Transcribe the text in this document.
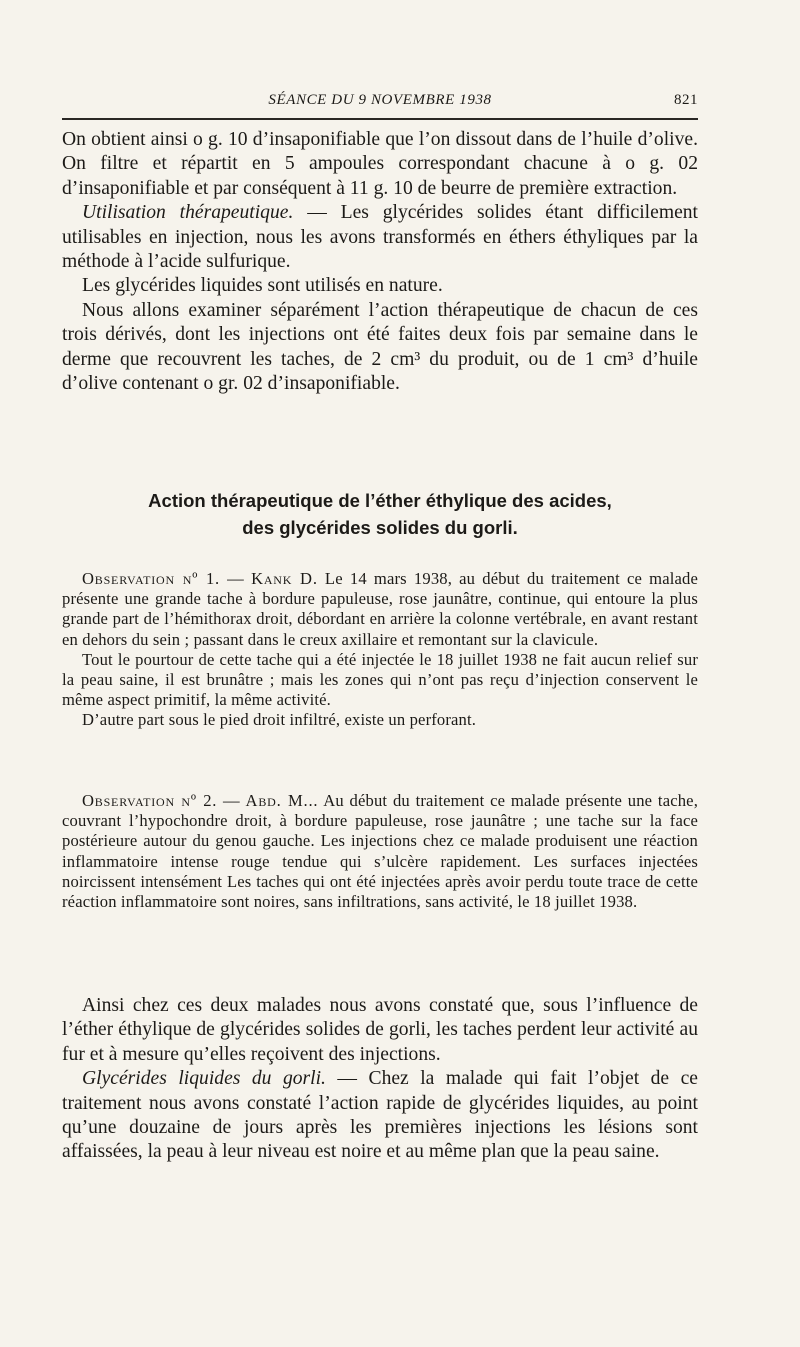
SÉANCE DU 9 NOVEMBRE 1938	821

On obtient ainsi o g. 10 d’insaponifiable que l’on dissout dans de l’huile d’olive. On filtre et répartit en 5 ampoules correspondant chacune à o g. 02 d’insaponifiable et par conséquent à 11 g. 10 de beurre de première extraction.

Utilisation thérapeutique. — Les glycérides solides étant difficilement utilisables en injection, nous les avons transformés en éthers éthyliques par la méthode à l’acide sulfurique.

Les glycérides liquides sont utilisés en nature.

Nous allons examiner séparément l’action thérapeutique de chacun de ces trois dérivés, dont les injections ont été faites deux fois par semaine dans le derme que recouvrent les taches, de 2 cm³ du produit, ou de 1 cm³ d’huile d’olive contenant o gr. 02 d’insaponifiable.

Action thérapeutique de l’éther éthylique des acides,
des glycérides solides du gorli.

Observation nº 1. — Kank D. Le 14 mars 1938, au début du traitement ce malade présente une grande tache à bordure papuleuse, rose jaunâtre, continue, qui entoure la plus grande part de l’hémithorax droit, débordant en arrière la colonne vertébrale, en avant restant en dehors du sein ; passant dans le creux axillaire et remontant sur la clavicule.

Tout le pourtour de cette tache qui a été injectée le 18 juillet 1938 ne fait aucun relief sur la peau saine, il est brunâtre ; mais les zones qui n’ont pas reçu d’injection conservent le même aspect primitif, la même activité.

D’autre part sous le pied droit infiltré, existe un perforant.

Observation nº 2. — Abd. M... Au début du traitement ce malade présente une tache, couvrant l’hypochondre droit, à bordure papuleuse, rose jaunâtre ; une tache sur la face postérieure autour du genou gauche. Les injections chez ce malade produisent une réaction inflammatoire intense rouge tendue qui s’ulcère rapidement. Les surfaces injectées noircissent intensément Les taches qui ont été injectées après avoir perdu toute trace de cette réaction inflammatoire sont noires, sans infiltrations, sans activité, le 18 juillet 1938.

Ainsi chez ces deux malades nous avons constaté que, sous l’influence de l’éther éthylique de glycérides solides de gorli, les taches perdent leur activité au fur et à mesure qu’elles reçoivent des injections.

Glycérides liquides du gorli. — Chez la malade qui fait l’objet de ce traitement nous avons constaté l’action rapide de glycérides liquides, au point qu’une douzaine de jours après les premières injections les lésions sont affaissées, la peau à leur niveau est noire et au même plan que la peau saine.
